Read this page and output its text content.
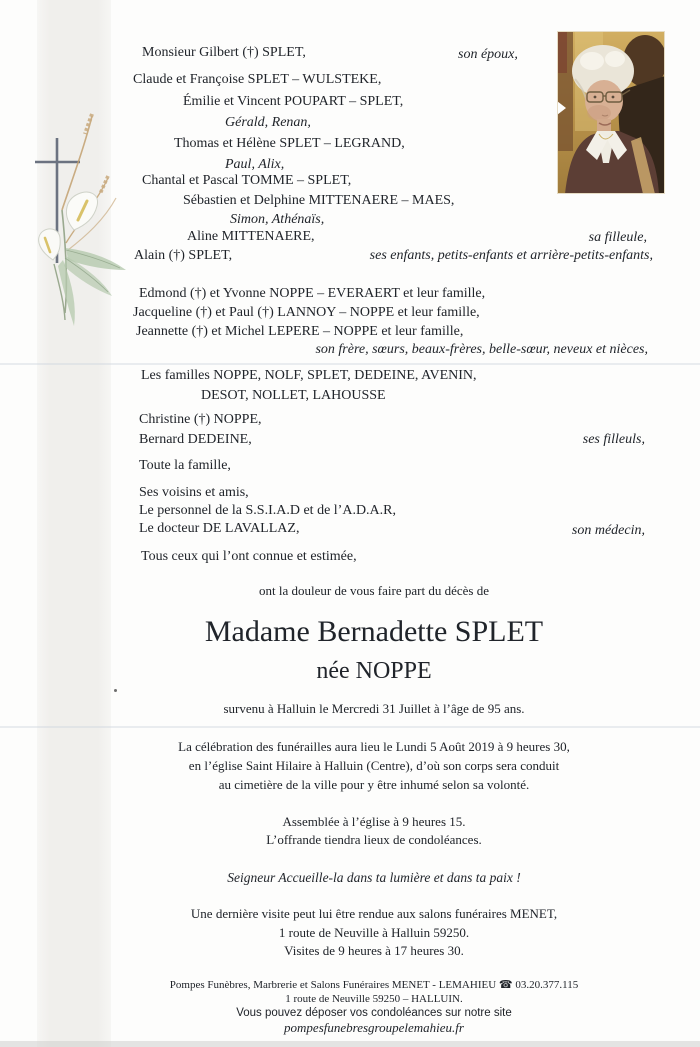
Monsieur Gilbert (†) SPLET,	son époux,
Claude et Françoise SPLET – WULSTEKE,
Émilie et Vincent POUPART – SPLET,
Gérald, Renan,
Thomas et Hélène SPLET – LEGRAND,
Paul, Alix,
Chantal et Pascal TOMME – SPLET,
Sébastien et Delphine MITTENAERE – MAES,
Simon, Athénaïs,
Aline MITTENAERE,	sa filleule,
Alain (†) SPLET,	ses enfants, petits-enfants et arrière-petits-enfants,
Edmond (†) et Yvonne NOPPE – EVERAERT et leur famille,
Jacqueline (†) et Paul (†) LANNOY – NOPPE et leur famille,
Jeannette (†) et Michel LEPERE – NOPPE et leur famille,
son frère, sœurs, beaux-frères, belle-sœur, neveux et nièces,
Les familles NOPPE, NOLF, SPLET, DEDEINE, AVENIN,
DESOT, NOLLET, LAHOUSSE
Christine (†) NOPPE,
Bernard DEDEINE,	ses filleuls,
Toute la famille,
Ses voisins et amis,
Le personnel de la S.S.I.A.D et de l’A.D.A.R,
Le docteur DE LAVALLAZ,	son médecin,
Tous ceux qui l’ont connue et estimée,
ont la douleur de vous faire part du décès de
Madame Bernadette SPLET
née NOPPE
survenu à Halluin le Mercredi 31 Juillet à l’âge de 95 ans.
La célébration des funérailles aura lieu le Lundi 5 Août 2019 à 9 heures 30,
en l’église Saint Hilaire à Halluin (Centre), d’où son corps sera conduit
au cimetière de la ville pour y être inhumé selon sa volonté.
Assemblée à l’église à 9 heures 15.
L’offrande tiendra lieux de condoléances.
Seigneur Accueille-la dans ta lumière et dans ta paix !
Une dernière visite peut lui être rendue aux salons funéraires MENET,
1 route de Neuville à Halluin 59250.
Visites de 9 heures à 17 heures 30.
Pompes Funèbres, Marbrerie et Salons Funéraires MENET - LEMAHIEU ☎ 03.20.377.115
1 route de Neuville 59250 – HALLUIN.
Vous pouvez déposer vos condoléances sur notre site
pompesfunebresgroupelemahieu.fr
